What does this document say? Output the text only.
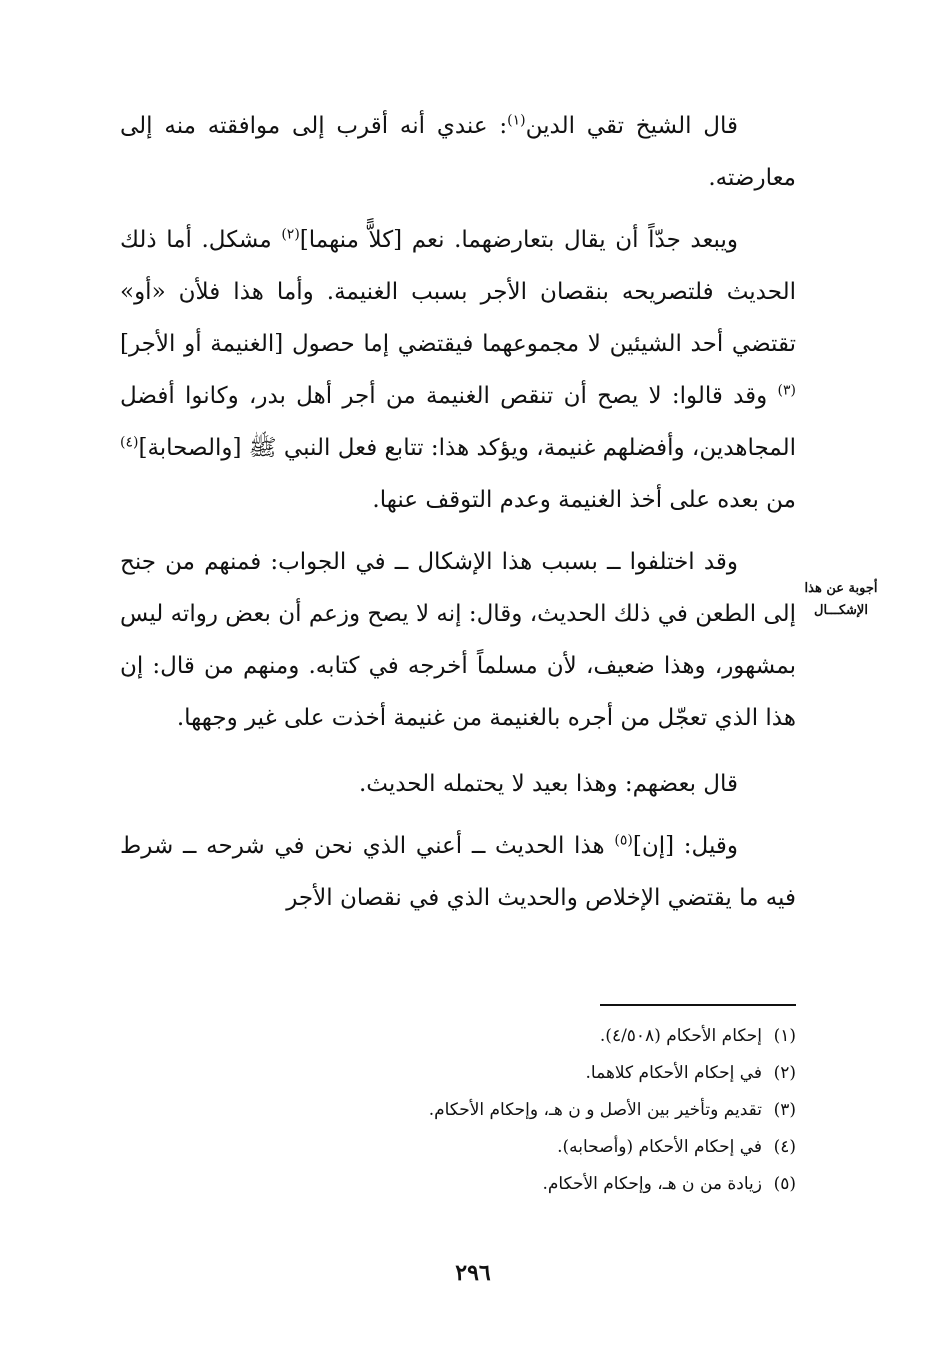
قال الشيخ تقي الدين$^{(١)}$: عندي أنه أقرب إلى موافقته منه إلى معارضته.

ويبعد جدّاً أن يقال بتعارضهما. نعم [كلاًّ منهما]$^{(٢)}$ مشكل. أما ذلك الحديث فلتصريحه بنقصان الأجر بسبب الغنيمة. وأما هذا فلأن «أو» تقتضي أحد الشيئين لا مجموعهما فيقتضي إما حصول [الغنيمة أو الأجر]$^{(٣)}$ وقد قالوا: لا يصح أن تنقص الغنيمة من أجر أهل بدر، وكانوا أفضل المجاهدين، وأفضلهم غنيمة، ويؤكد هذا: تتابع فعل النبي ﷺ [والصحابة]$^{(٤)}$ من بعده على أخذ الغنيمة وعدم التوقف عنها.

وقد اختلفوا ــ بسبب هذا الإشكال ــ في الجواب: فمنهم من جنح إلى الطعن في ذلك الحديث، وقال: إنه لا يصح وزعم أن بعض رواته ليس بمشهور، وهذا ضعيف، لأن مسلماً أخرجه في كتابه. ومنهم من قال: إن هذا الذي تعجّل من أجره بالغنيمة من غنيمة أخذت على غير وجهها.

قال بعضهم: وهذا بعيد لا يحتمله الحديث.

وقيل: [إن]$^{(٥)}$ هذا الحديث ــ أعني الذي نحن في شرحه ــ شرط فيه ما يقتضي الإخلاص والحديث الذي في نقصان الأجر

أجوبة عن هذا
الإشكـــال
(١)إحكام الأحكام (٤/٥٠٨).
(٢)في إحكام الأحكام كلاهما.
(٣)تقديم وتأخير بين الأصل و ن هـ، وإحكام الأحكام.
(٤)في إحكام الأحكام (وأصحابه).
(٥)زيادة من ن هـ، وإحكام الأحكام.
٢٩٦
